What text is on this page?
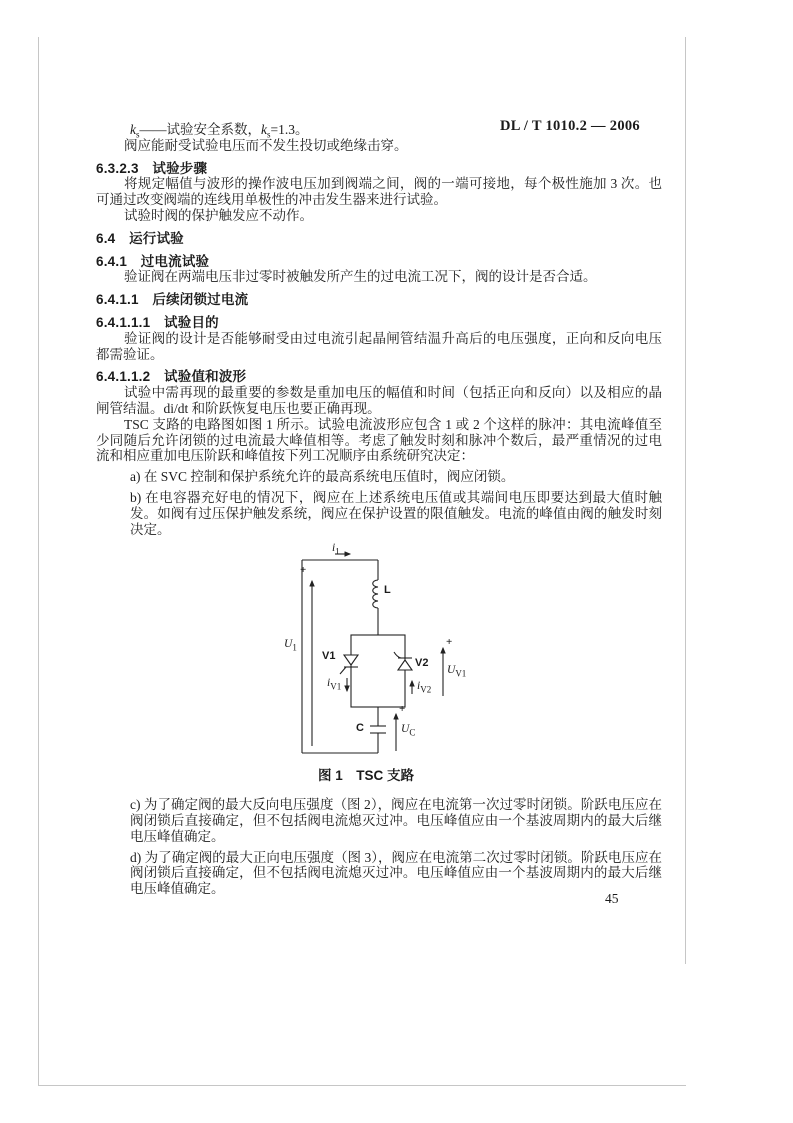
DL / T 1010.2 — 2006
$k_s——$试验安全系数，$k_s=1.3$。

阀应能耐受试验电压而不发生投切或绝缘击穿。

6.3.2.3　试验步骤

将规定幅值与波形的操作波电压加到阀端之间，阀的一端可接地，每个极性施加 3 次。也可通过改变阀端的连线用单极性的冲击发生器来进行试验。

试验时阀的保护触发应不动作。

6.4　运行试验
6.4.1　过电流试验

验证阀在两端电压非过零时被触发所产生的过电流工况下，阀的设计是否合适。

6.4.1.1　后续闭锁过电流
6.4.1.1.1　试验目的

验证阀的设计是否能够耐受由过电流引起晶闸管结温升高后的电压强度，正向和反向电压都需验证。

6.4.1.1.2　试验值和波形

试验中需再现的最重要的参数是重加电压的幅值和时间（包括正向和反向）以及相应的晶闸管结温。di/dt 和阶跃恢复电压也要正确再现。

TSC 支路的电路图如图 1 所示。试验电流波形应包含 1 或 2 个这样的脉冲：其电流峰值至少同随后允许闭锁的过电流最大峰值相等。考虑了触发时刻和脉冲个数后，最严重情况的过电流和相应重加电压阶跃和峰值按下列工况顺序由系统研究决定：

a) 在 SVC 控制和保护系统允许的最高系统电压值时，阀应闭锁。

b) 在电容器充好电的情况下，阀应在上述系统电压值或其端间电压即要达到最大值时触发。如阀有过压保护触发系统，阀应在保护设置的限值触发。电流的峰值由阀的触发时刻决定。

$i_1$
+
$U_1$
L
V1
$i_{V1}$
V2
$i_{V2}$
+
$U_{V1}$
C
+
$U_C$
图 1　TSC 支路

c) 为了确定阀的最大反向电压强度（图 2），阀应在电流第一次过零时闭锁。阶跃电压应在阀闭锁后直接确定，但不包括阀电流熄灭过冲。电压峰值应由一个基波周期内的最大后继电压峰值确定。

d) 为了确定阀的最大正向电压强度（图 3），阀应在电流第二次过零时闭锁。阶跃电压应在阀闭锁后直接确定，但不包括阀电流熄灭过冲。电压峰值应由一个基波周期内的最大后继电压峰值确定。

45
